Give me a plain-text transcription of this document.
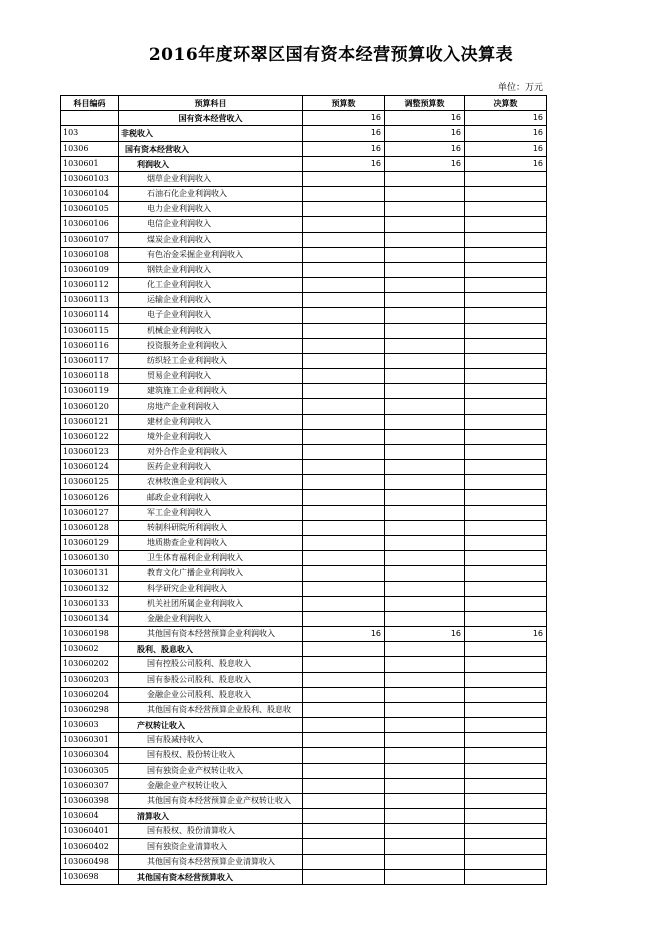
2016年度环翠区国有资本经营预算收入决算表
单位：万元
科目编码	预算科目	预算数	调整预算数	决算数
	国有资本经营收入	16	16	16
103	非税收入	16	16	16
10306	国有资本经营收入	16	16	16
1030601	利润收入	16	16	16
103060103	烟草企业利润收入			
103060104	石油石化企业利润收入			
103060105	电力企业利润收入			
103060106	电信企业利润收入			
103060107	煤炭企业利润收入			
103060108	有色冶金采掘企业利润收入			
103060109	钢铁企业利润收入			
103060112	化工企业利润收入			
103060113	运输企业利润收入			
103060114	电子企业利润收入			
103060115	机械企业利润收入			
103060116	投资服务企业利润收入			
103060117	纺织轻工企业利润收入			
103060118	贸易企业利润收入			
103060119	建筑施工企业利润收入			
103060120	房地产企业利润收入			
103060121	建材企业利润收入			
103060122	境外企业利润收入			
103060123	对外合作企业利润收入			
103060124	医药企业利润收入			
103060125	农林牧渔企业利润收入			
103060126	邮政企业利润收入			
103060127	军工企业利润收入			
103060128	转制科研院所利润收入			
103060129	地质勘查企业利润收入			
103060130	卫生体育福利企业利润收入			
103060131	教育文化广播企业利润收入			
103060132	科学研究企业利润收入			
103060133	机关社团所属企业利润收入			
103060134	金融企业利润收入			
103060198	其他国有资本经营预算企业利润收入	16	16	16
1030602	股利、股息收入			
103060202	国有控股公司股利、股息收入			
103060203	国有参股公司股利、股息收入			
103060204	金融企业公司股利、股息收入			
103060298	其他国有资本经营预算企业股利、股息收			
1030603	产权转让收入			
103060301	国有股减持收入			
103060304	国有股权、股份转让收入			
103060305	国有独资企业产权转让收入			
103060307	金融企业产权转让收入			
103060398	其他国有资本经营预算企业产权转让收入			
1030604	清算收入			
103060401	国有股权、股份清算收入			
103060402	国有独资企业清算收入			
103060498	其他国有资本经营预算企业清算收入			
1030698	其他国有资本经营预算收入			
